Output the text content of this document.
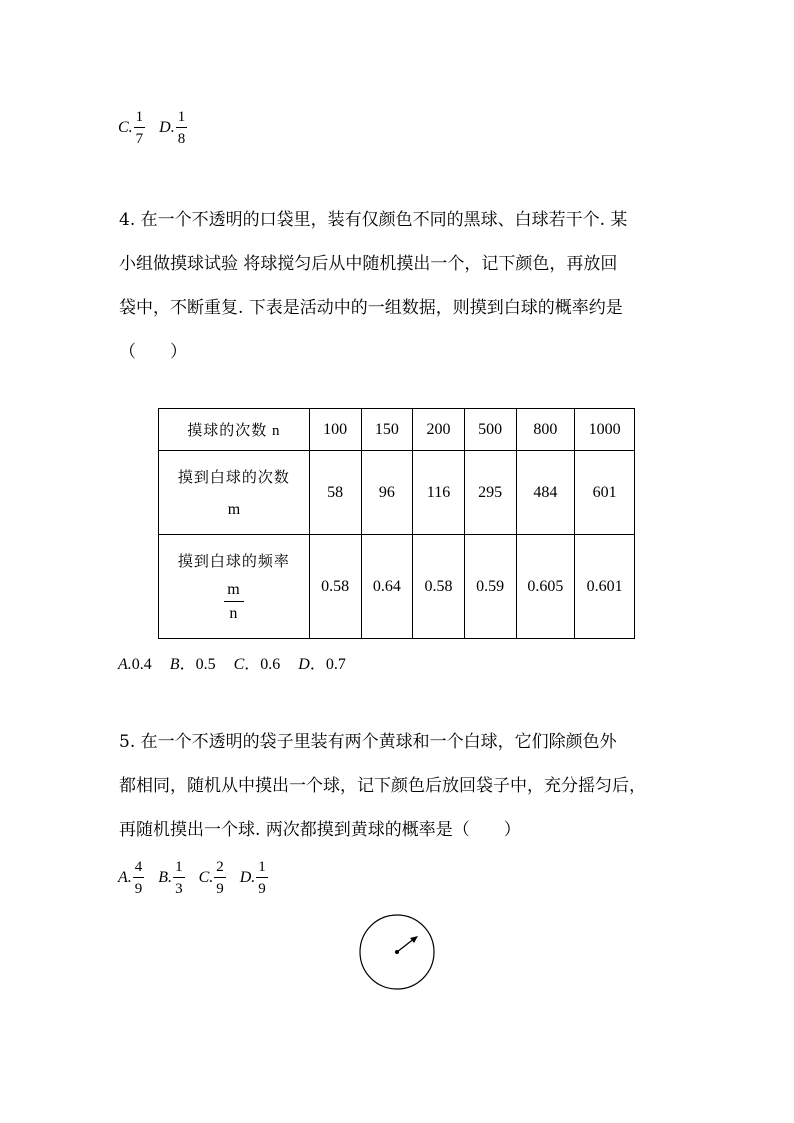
C. $\frac{1}{7} D$. $\frac{1}{8}$
4. 在一个不透明的口袋里，装有仅颜色不同的黑球、白球若干个. 某
小组做摸球试验 将球搅匀后从中随机摸出一个，记下颜色，再放回
袋中，不断重复. 下表是活动中的一组数据，则摸到白球的概率约是
（　　）
摸球的次数 n	100	150	200	500	800	1000

摸到白球的次数
m	58	96	116	295	484	601

摸到白球的频率
$\frac{m}{n}$	0.58	0.64	0.58	0.59	0.605	0.601
A.0.4 B．0.5 C．0.6 D．0.7
5. 在一个不透明的袋子里装有两个黄球和一个白球，它们除颜色外
都相同，随机从中摸出一个球，记下颜色后放回袋子中，充分摇匀后，
再随机摸出一个球. 两次都摸到黄球的概率是（　　）
A. $\frac{4}{9} B$. $\frac{1}{3} C$. $\frac{2}{9} D$. $\frac{1}{9}$
